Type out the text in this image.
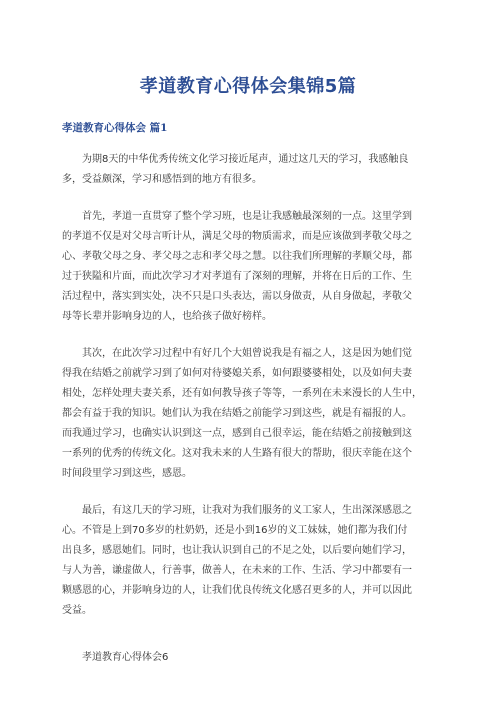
孝道教育心得体会集锦5篇
孝道教育心得体会 篇1

为期8天的中华优秀传统文化学习接近尾声，通过这几天的学习，我感触良
多，受益颇深，学习和感悟到的地方有很多。

首先，孝道一直贯穿了整个学习班，也是让我感触最深刻的一点。这里学到
的孝道不仅是对父母言听计从，满足父母的物质需求，而是应该做到孝敬父母之
心、孝敬父母之身、孝父母之志和孝父母之慧。以往我们所理解的孝顺父母，都
过于狭隘和片面，而此次学习才对孝道有了深刻的理解，并将在日后的工作、生
活过程中，落实到实处，决不只是口头表达，需以身做责，从自身做起，孝敬父
母等长辈并影响身边的人，也给孩子做好榜样。

其次，在此次学习过程中有好几个大姐曾说我是有福之人，这是因为她们觉
得我在结婚之前就学习到了如何对待婆媳关系，如何跟婆婆相处，以及如何夫妻
相处，怎样处理夫妻关系，还有如何教导孩子等等，一系列在未来漫长的人生中，
都会有益于我的知识。她们认为我在结婚之前能学习到这些，就是有福报的人。
而我通过学习，也确实认识到这一点，感到自己很幸运，能在结婚之前接触到这
一系列的优秀的传统文化。这对我未来的人生路有很大的帮助，很庆幸能在这个
时间段里学习到这些，感恩。

最后，有这几天的学习班，让我对为我们服务的义工家人，生出深深感恩之
心。不管是上到70多岁的杜奶奶，还是小到16岁的义工妹妹，她们都为我们付
出良多，感恩她们。同时，也让我认识到自己的不足之处，以后要向她们学习，
与人为善，谦虚做人，行善事，做善人，在未来的工作、生活、学习中都要有一
颗感恩的心，并影响身边的人，让我们优良传统文化感召更多的人，并可以因此
受益。

孝道教育心得体会6
